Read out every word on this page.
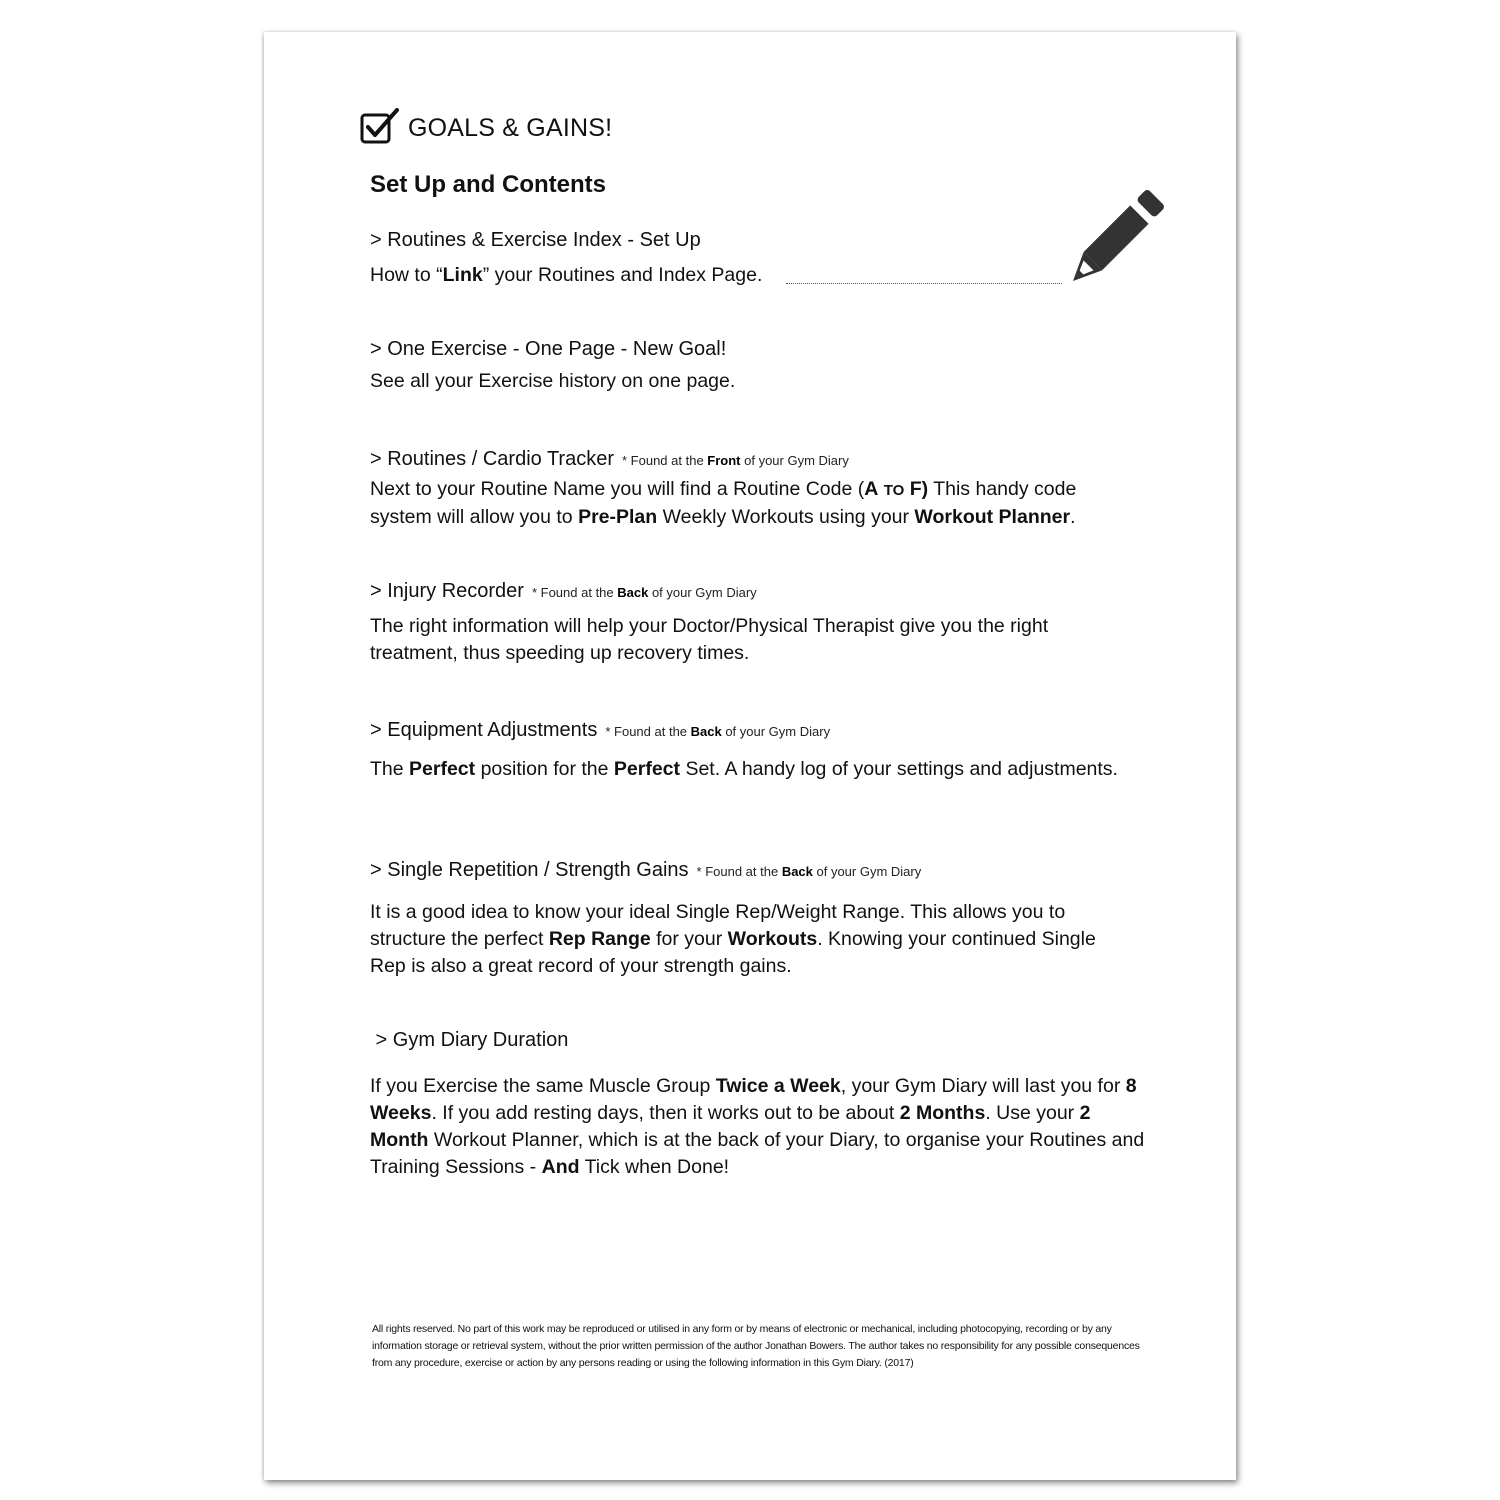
GOALS & GAINS!
Set Up and Contents
> Routines & Exercise Index - Set Up
How to “Link” your Routines and Index Page.
> One Exercise - One Page - New Goal!
See all your Exercise history on one page.
> Routines / Cardio Tracker * Found at the Front of your Gym Diary
Next to your Routine Name you will find a Routine Code (A TO F) This handy code system will allow you to Pre-Plan Weekly Workouts using your Workout Planner.
> Injury Recorder * Found at the Back of your Gym Diary
The right information will help your Doctor/Physical Therapist give you the right treatment, thus speeding up recovery times.
> Equipment Adjustments * Found at the Back of your Gym Diary
The Perfect position for the Perfect Set. A handy log of your settings and adjustments.
> Single Repetition / Strength Gains * Found at the Back of your Gym Diary
It is a good idea to know your ideal Single Rep/Weight Range. This allows you to structure the perfect Rep Range for your Workouts. Knowing your continued Single Rep is also a great record of your strength gains.
> Gym Diary Duration
If you Exercise the same Muscle Group Twice a Week, your Gym Diary will last you for 8 Weeks. If you add resting days, then it works out to be about 2 Months. Use your 2 Month Workout Planner, which is at the back of your Diary, to organise your Routines and Training Sessions - And Tick when Done!
All rights reserved. No part of this work may be reproduced or utilised in any form or by means of electronic or mechanical, including photocopying, recording or by any information storage or retrieval system, without the prior written permission of the author Jonathan Bowers. The author takes no responsibility for any possible consequences from any procedure, exercise or action by any persons reading or using the following information in this Gym Diary. (2017)
